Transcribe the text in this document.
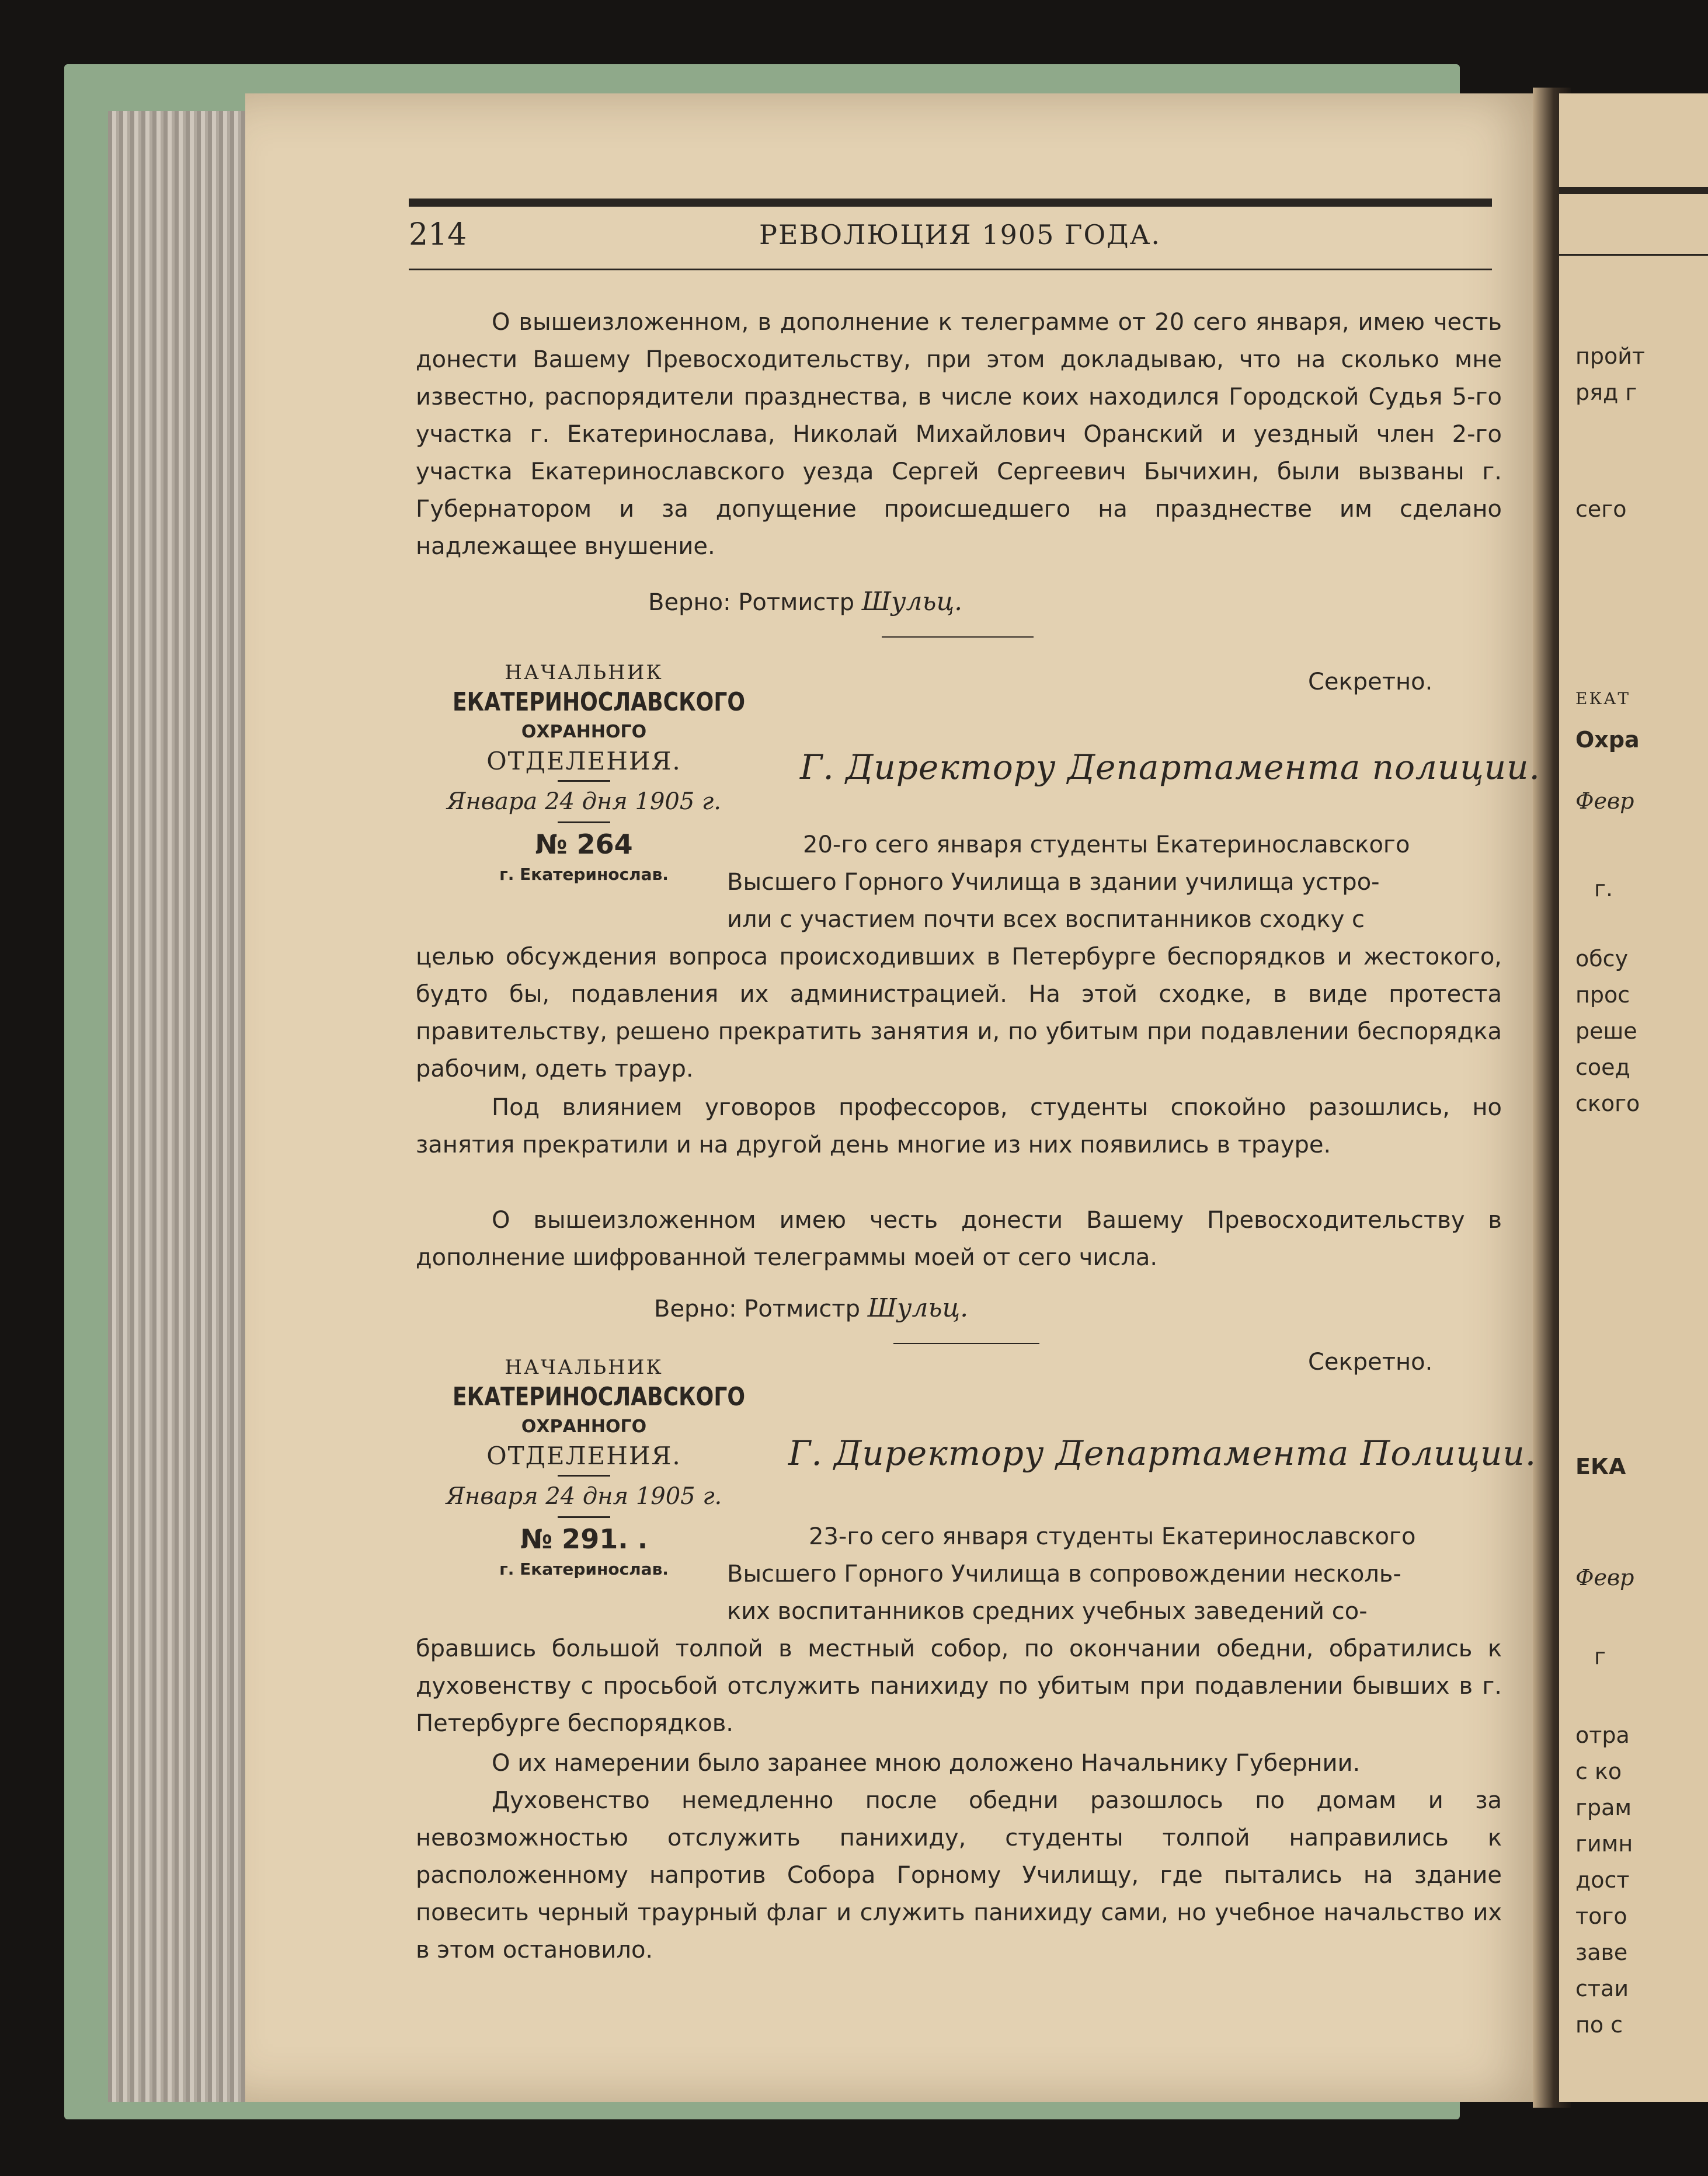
пройт
ряд г
сего
ЕКАТ
Охра
Февр
г.
обсу
прос
реше
соед
ского
ЕКА
Февр
г
отра
с ко
грам
гимн
дост
того
заве
стаи
по с
214	РЕВОЛЮЦИЯ 1905 ГОДА.

О вышеизложенном, в дополнение к телеграмме от 20 сего января, имею честь донести Вашему Превосходительству, при этом докладываю, что на сколько мне известно, распорядители празднества, в числе коих находился Городской Судья 5-го участка г. Екатеринослава, Николай Михайлович Оранский и уездный член 2-го участка Екатеринославского уезда Сергей Сергеевич Бычихин, были вызваны г. Губернатором и за допущение происшедшего на празднестве им сделано надлежащее внушение.

Верно: Ротмистр Шульц.
НАЧАЛЬНИК
ЕКАТЕРИНОСЛАВСКОГО
ОХРАННОГО
ОТДЕЛЕНИЯ.
Январа 24 дня 1905 г.
№ 264
г. Екатеринослав.
Секретно.
Г. Директору Департамента полиции.
20-го сего января студенты Екатеринославского
Высшего Горного Училища в здании училища устро-
или с участием почти всех воспитанников сходку с

целью обсуждения вопроса происходивших в Петербурге беспорядков и жестокого, будто бы, подавления их администрацией. На этой сходке, в виде протеста правительству, решено прекратить занятия и, по убитым при подавлении беспорядка рабочим, одеть траур.

Под влиянием уговоров профессоров, студенты спокойно разошлись, но занятия прекратили и на другой день многие из них появились в трауре.

О вышеизложенном имею честь донести Вашему Превосходительству в дополнение шифрованной телеграммы моей от сего числа.

Верно: Ротмистр Шульц.
НАЧАЛЬНИК
ЕКАТЕРИНОСЛАВСКОГО
ОХРАННОГО
ОТДЕЛЕНИЯ.
Января 24 дня 1905 г.
№ 291. .
г. Екатеринослав.
Секретно.
Г. Директору Департамента Полиции.
23-го сего января студенты Екатеринославского
Высшего Горного Училища в сопровождении несколь-
ких воспитанников средних учебных заведений со-

бравшись большой толпой в местный собор, по окончании обедни, обратились к духовенству с просьбой отслужить панихиду по убитым при подавлении бывших в г. Петербурге беспорядков.

О их намерении было заранее мною доложено Начальнику Губернии.

Духовенство немедленно после обедни разошлось по домам и за невозможностью отслужить панихиду, студенты толпой направились к расположенному напротив Собора Горному Училищу, где пытались на здание повесить черный траурный флаг и служить панихиду сами, но учебное начальство их в этом остановило.
